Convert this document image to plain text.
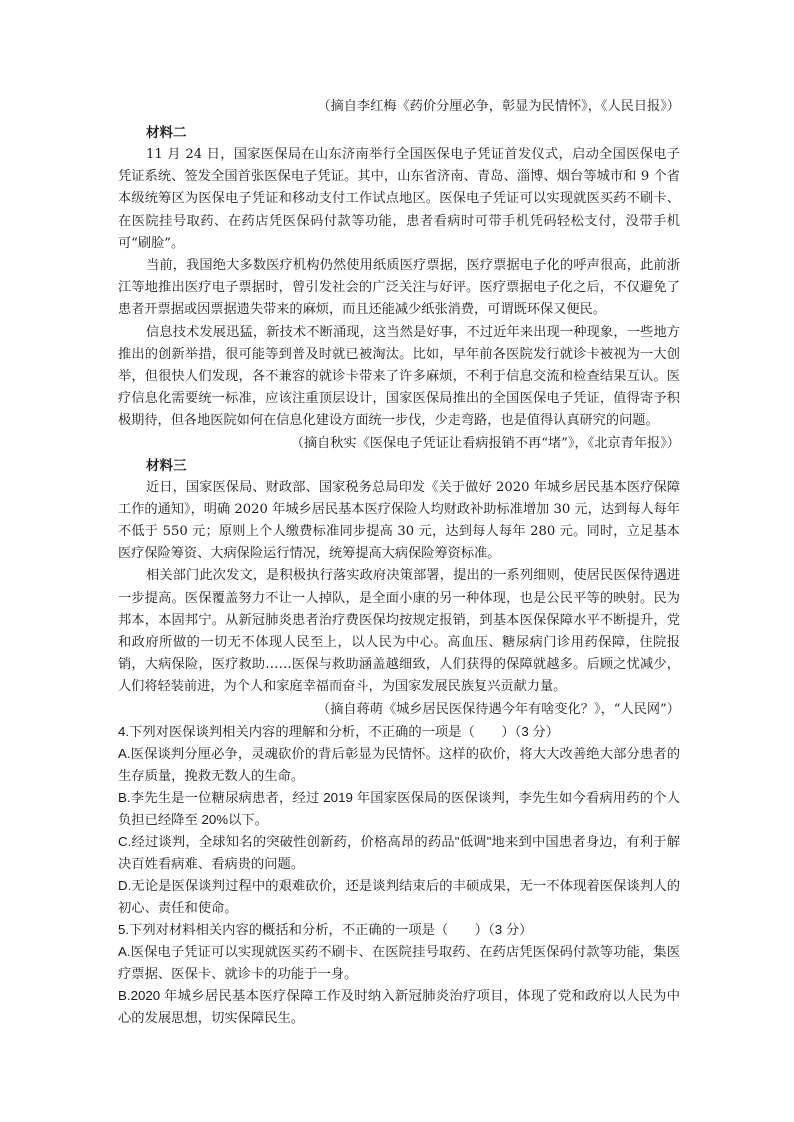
（摘自李红梅《药价分厘必争，彰显为民情怀》，《人民日报》）

材料二

11 月 24 日，国家医保局在山东济南举行全国医保电子凭证首发仪式，启动全国医保电子凭证系统、签发全国首张医保电子凭证。其中，山东省济南、青岛、淄博、烟台等城市和 9 个省本级统筹区为医保电子凭证和移动支付工作试点地区。医保电子凭证可以实现就医买药不刷卡、在医院挂号取药、在药店凭医保码付款等功能，患者看病时可带手机凭码轻松支付，没带手机可“刷脸”。

当前，我国绝大多数医疗机构仍然使用纸质医疗票据，医疗票据电子化的呼声很高，此前浙江等地推出医疗电子票据时，曾引发社会的广泛关注与好评。医疗票据电子化之后，不仅避免了患者开票据或因票据遗失带来的麻烦，而且还能减少纸张消费，可谓既环保又便民。

信息技术发展迅猛，新技术不断涌现，这当然是好事，不过近年来出现一种现象，一些地方推出的创新举措，很可能等到普及时就已被淘汰。比如，早年前各医院发行就诊卡被视为一大创举，但很快人们发现，各不兼容的就诊卡带来了许多麻烦，不利于信息交流和检查结果互认。医疗信息化需要统一标准，应该注重顶层设计，国家医保局推出的全国医保电子凭证，值得寄予积极期待，但各地医院如何在信息化建设方面统一步伐，少走弯路，也是值得认真研究的问题。

（摘自秋实《医保电子凭证让看病报销不再“堵”》，《北京青年报》）

材料三

近日，国家医保局、财政部、国家税务总局印发《关于做好 2020 年城乡居民基本医疗保障工作的通知》，明确 2020 年城乡居民基本医疗保险人均财政补助标准增加 30 元，达到每人每年不低于 550 元；原则上个人缴费标准同步提高 30 元，达到每人每年 280 元。同时，立足基本医疗保险筹资、大病保险运行情况，统筹提高大病保险筹资标准。

相关部门此次发文，是积极执行落实政府决策部署，提出的一系列细则，使居民医保待遇进一步提高。医保覆盖努力不让一人掉队，是全面小康的另一种体现，也是公民平等的映射。民为邦本，本固邦宁。从新冠肺炎患者治疗费医保均按规定报销，到基本医保保障水平不断提升，党和政府所做的一切无不体现人民至上，以人民为中心。高血压、糖尿病门诊用药保障，住院报销，大病保险，医疗救助……医保与救助涵盖越细致，人们获得的保障就越多。后顾之忧减少，人们将轻装前进，为个人和家庭幸福而奋斗，为国家发展民族复兴贡献力量。

（摘自蒋萌《城乡居民医保待遇今年有啥变化？》，“人民网”）

4.下列对医保谈判相关内容的理解和分析，不正确的一项是（　　）（3 分）

A.医保谈判分厘必争，灵魂砍价的背后彰显为民情怀。这样的砍价，将大大改善绝大部分患者的生存质量，挽救无数人的生命。

B.李先生是一位糖尿病患者，经过 2019 年国家医保局的医保谈判，李先生如今看病用药的个人负担已经降至 20%以下。

C.经过谈判，全球知名的突破性创新药，价格高昂的药品"低调"地来到中国患者身边，有利于解决百姓看病难、看病贵的问题。

D.无论是医保谈判过程中的艰难砍价，还是谈判结束后的丰硕成果，无一不体现着医保谈判人的初心、责任和使命。

5.下列对材料相关内容的概括和分析，不正确的一项是（　　）（3 分）

A.医保电子凭证可以实现就医买药不刷卡、在医院挂号取药、在药店凭医保码付款等功能，集医疗票据、医保卡、就诊卡的功能于一身。

B.2020 年城乡居民基本医疗保障工作及时纳入新冠肺炎治疗项目，体现了党和政府以人民为中心的发展思想，切实保障民生。
